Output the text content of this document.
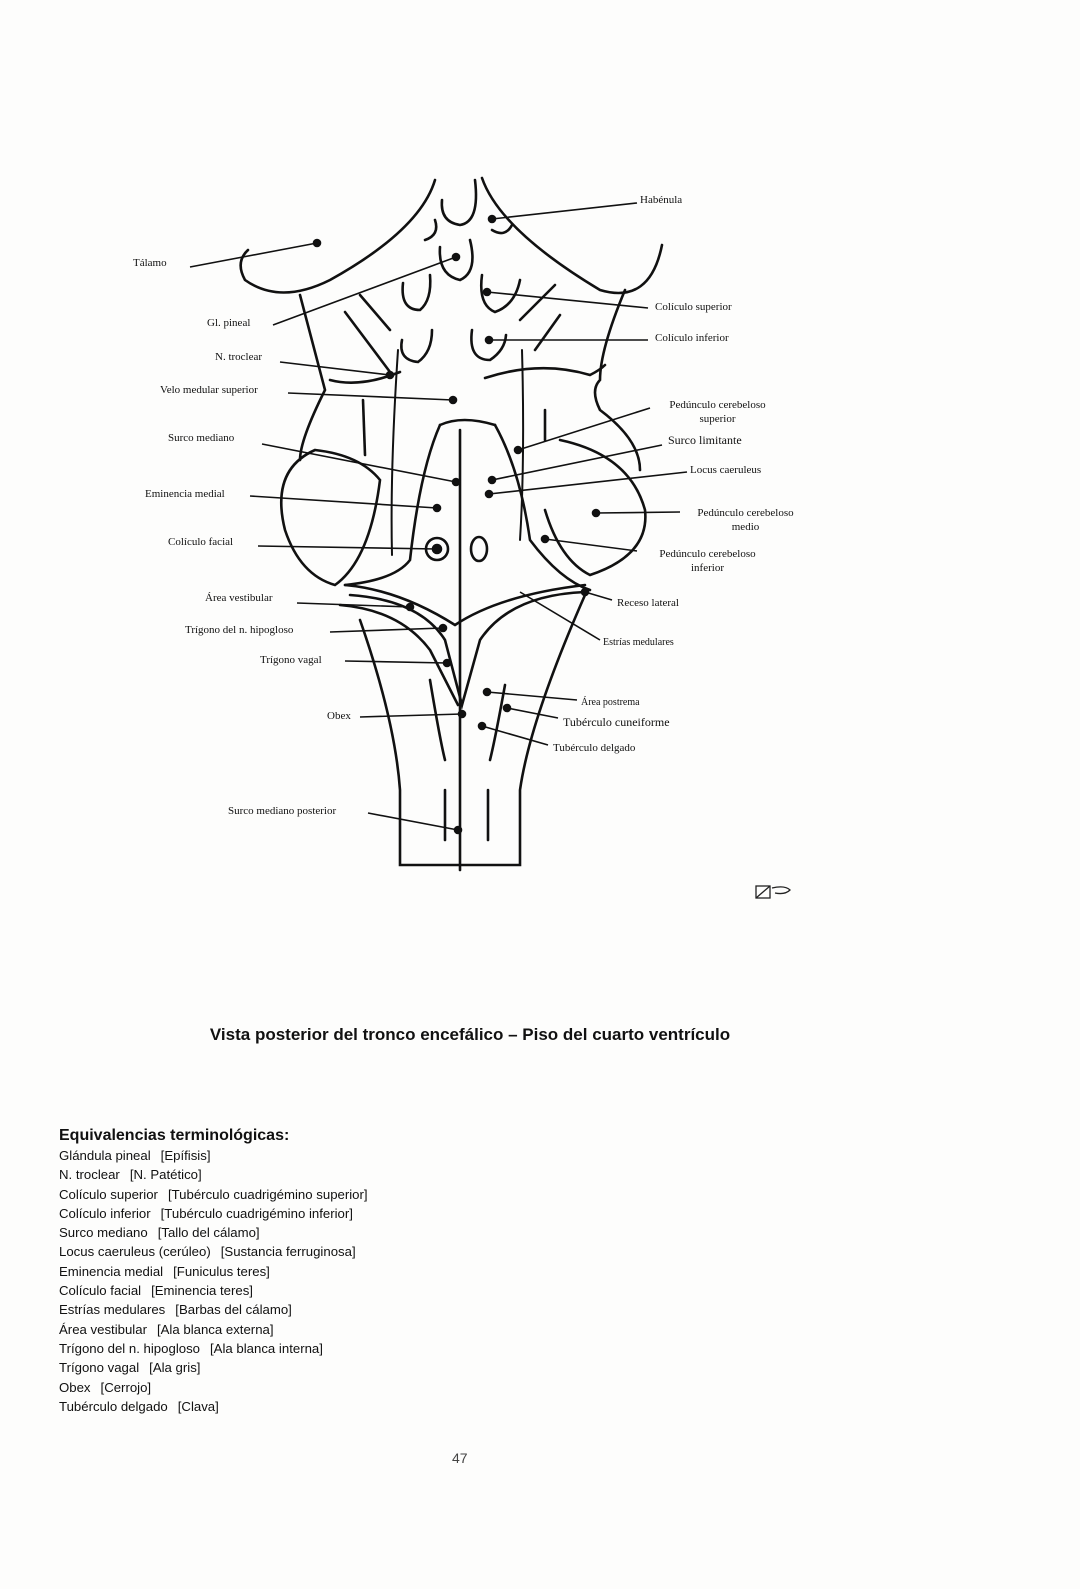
Tálamo
Gl. pineal
N. troclear
Velo medular superior
Surco mediano
Eminencia medial
Colículo facial
Área vestibular
Trígono del n. hipogloso
Trígono vagal
Obex
Surco mediano posterior
Habénula
Colículo superior
Colículo inferior
Pedúnculo cerebeloso
superior
Surco limitante
Locus caeruleus
Pedúnculo cerebeloso
medio
Pedúnculo cerebeloso
inferior
Receso lateral
Estrías medulares
Área postrema
Tubérculo cuneiforme
Tubérculo delgado
Vista posterior del tronco encefálico – Piso del cuarto ventrículo
Equivalencias terminológicas:
Glándula pineal [Epífisis]
N. troclear [N. Patético]
Colículo superior [Tubérculo cuadrigémino superior]
Colículo inferior [Tubérculo cuadrigémino inferior]
Surco mediano [Tallo del cálamo]
Locus caeruleus (cerúleo) [Sustancia ferruginosa]
Eminencia medial [Funiculus teres]
Colículo facial [Eminencia teres]
Estrías medulares [Barbas del cálamo]
Área vestibular [Ala blanca externa]
Trígono del n. hipogloso [Ala blanca interna]
Trígono vagal [Ala gris]
Obex [Cerrojo]
Tubérculo delgado [Clava]
47
